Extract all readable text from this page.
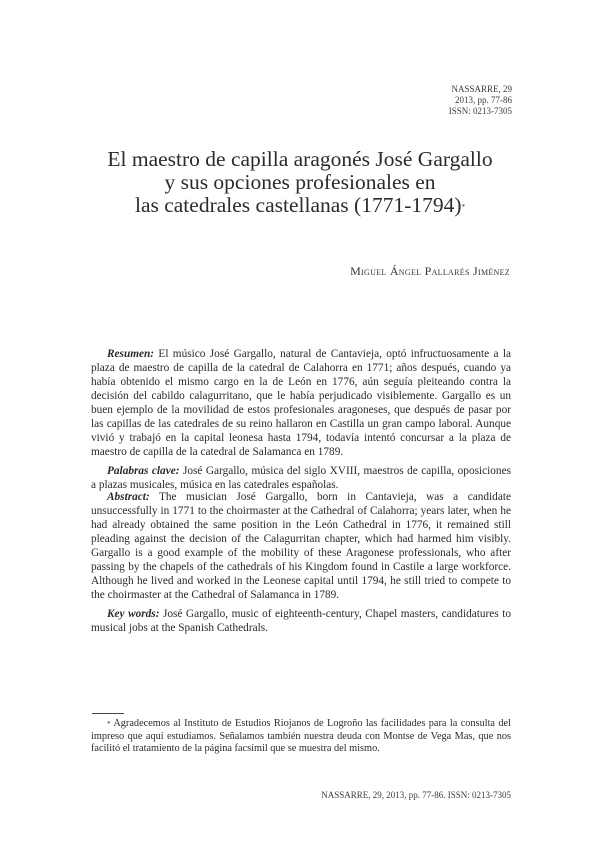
NASSARRE, 29
2013, pp. 77-86
ISSN: 0213-7305
El maestro de capilla aragonés José Gargallo
y sus opciones profesionales en
las catedrales castellanas (1771-1794)*
Miguel Ángel Pallarés Jiménez

Resumen: El músico José Gargallo, natural de Cantavieja, optó infructuosamente a la plaza de maestro de capilla de la catedral de Calahorra en 1771; años después, cuando ya había obtenido el mismo cargo en la de León en 1776, aún seguía pleiteando contra la decisión del cabildo calagurritano, que le había perjudicado visiblemente. Gargallo es un buen ejemplo de la movilidad de estos profesionales aragoneses, que después de pasar por las capillas de las catedrales de su reino hallaron en Castilla un gran campo laboral. Aunque vivió y trabajó en la capital leonesa hasta 1794, todavía intentó concursar a la plaza de maestro de capilla de la catedral de Salamanca en 1789.

Palabras clave: José Gargallo, música del siglo XVIII, maestros de capilla, oposiciones a plazas musicales, música en las catedrales españolas.

Abstract: The musician José Gargallo, born in Cantavieja, was a candidate unsuccessfully in 1771 to the choirmaster at the Cathedral of Calahorra; years later, when he had already obtained the same position in the León Cathedral in 1776, it remained still pleading against the decision of the Calagurritan chapter, which had harmed him visibly. Gargallo is a good example of the mobility of these Aragonese professionals, who after passing by the chapels of the cathedrals of his Kingdom found in Castile a large workforce. Although he lived and worked in the Leonese capital until 1794, he still tried to compete to the choirmaster at the Cathedral of Salamanca in 1789.

Key words: José Gargallo, music of eighteenth-century, Chapel masters, candidatures to musical jobs at the Spanish Cathedrals.

* Agradecemos al Instituto de Estudios Riojanos de Logroño las facilidades para la consulta del impreso que aquí estudiamos. Señalamos también nuestra deuda con Montse de Vega Mas, que nos facilitó el tratamiento de la página facsímil que se muestra del mismo.

NASSARRE, 29, 2013, pp. 77-86. ISSN: 0213-7305
